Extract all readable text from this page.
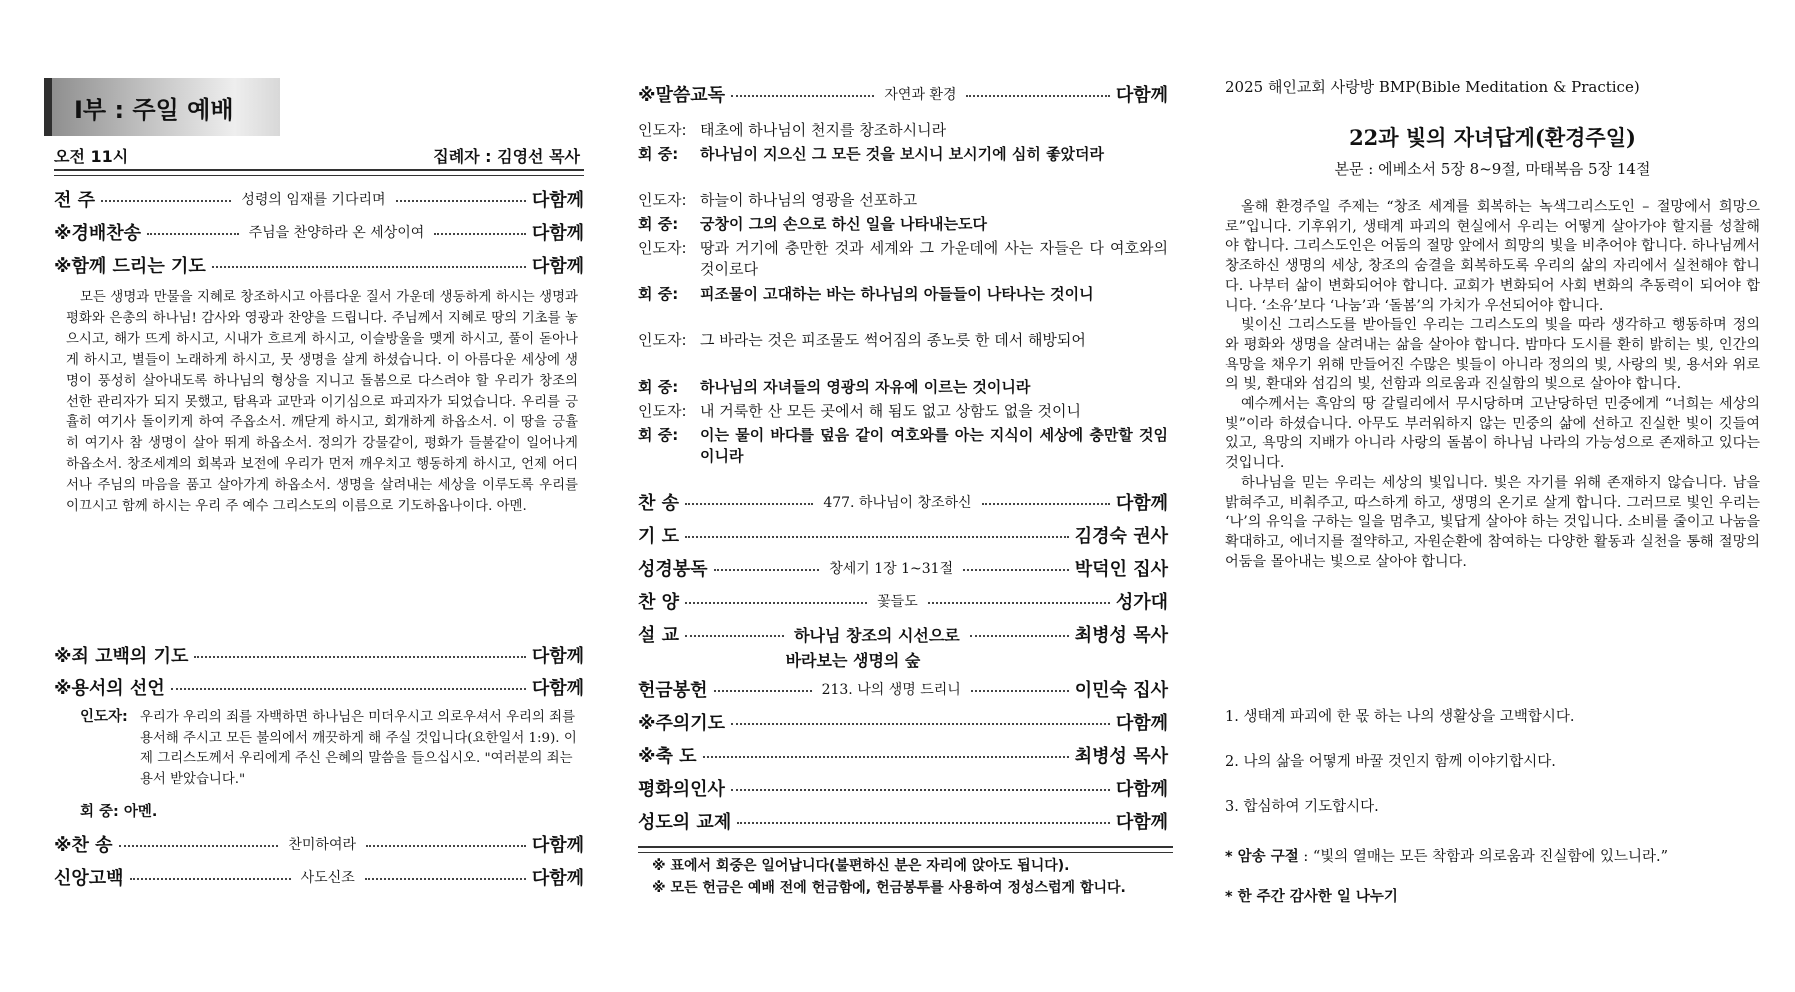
I부 : 주일 예배
오전 11시	집례자 : 김영선 목사
전 주	성령의 임재를 기다리며	다함께
※경배찬송	주님을 찬양하라 온 세상이여	다함께
※함께 드리는 기도	다함께
모든 생명과 만물을 지혜로 창조하시고 아름다운 질서 가운데 생동하게 하시는 생명과 평화와 은총의 하나님! 감사와 영광과 찬양을 드립니다. 주님께서 지혜로 땅의 기초를 놓으시고, 해가 뜨게 하시고, 시내가 흐르게 하시고, 이슬방울을 맺게 하시고, 풀이 돋아나게 하시고, 별들이 노래하게 하시고, 뭇 생명을 살게 하셨습니다. 이 아름다운 세상에 생명이 풍성히 살아내도록 하나님의 형상을 지니고 돌봄으로 다스려야 할 우리가 창조의 선한 관리자가 되지 못했고, 탐욕과 교만과 이기심으로 파괴자가 되었습니다. 우리를 긍휼히 여기사 돌이키게 하여 주옵소서. 깨닫게 하시고, 회개하게 하옵소서. 이 땅을 긍휼히 여기사 참 생명이 살아 뛰게 하옵소서. 정의가 강물같이, 평화가 들불같이 일어나게 하옵소서. 창조세계의 회복과 보전에 우리가 먼저 깨우치고 행동하게 하시고, 언제 어디서나 주님의 마음을 품고 살아가게 하옵소서. 생명을 살려내는 세상을 이루도록 우리를 이끄시고 함께 하시는 우리 주 예수 그리스도의 이름으로 기도하옵나이다. 아멘.
※죄 고백의 기도	다함께
※용서의 선언	다함께
인도자: 우리가 우리의 죄를 자백하면 하나님은 미더우시고 의로우셔서 우리의 죄를 용서해 주시고 모든 불의에서 깨끗하게 해 주실 것입니다(요한일서 1:9). 이제 그리스도께서 우리에게 주신 은혜의 말씀을 들으십시오. "여러분의 죄는 용서 받았습니다."
회 중: 아멘.
※찬 송	찬미하여라	다함께
신앙고백	사도신조	다함께
※말씀교독	자연과 환경	다함께
인도자: 태초에 하나님이 천지를 창조하시니라
회 중: 하나님이 지으신 그 모든 것을 보시니 보시기에 심히 좋았더라
인도자: 하늘이 하나님의 영광을 선포하고
회 중: 궁창이 그의 손으로 하신 일을 나타내는도다
인도자: 땅과 거기에 충만한 것과 세계와 그 가운데에 사는 자들은 다 여호와의 것이로다
회 중: 피조물이 고대하는 바는 하나님의 아들들이 나타나는 것이니
인도자: 그 바라는 것은 피조물도 썩어짐의 종노릇 한 데서 해방되어
회 중: 하나님의 자녀들의 영광의 자유에 이르는 것이니라
인도자: 내 거룩한 산 모든 곳에서 해 됨도 없고 상함도 없을 것이니
회 중: 이는 물이 바다를 덮음 같이 여호와를 아는 지식이 세상에 충만할 것임이니라
찬 송	477. 하나님이 창조하신	다함께
기 도	김경숙 권사
성경봉독	창세기 1장 1~31절	박덕인 집사
찬 양	꽃들도	성가대
설 교	하나님 창조의 시선으로	최병성 목사
바라보는 생명의 숲
헌금봉헌	213. 나의 생명 드리니	이민숙 집사
※주의기도	다함께
※축 도	최병성 목사
평화의인사	다함께
성도의 교제	다함께
※ 표에서 회중은 일어납니다(불편하신 분은 자리에 앉아도 됩니다).
※ 모든 헌금은 예배 전에 헌금함에, 헌금봉투를 사용하여 정성스럽게 합니다.
2025 해인교회 사랑방 BMP(Bible Meditation & Practice)
22과 빛의 자녀답게(환경주일)
본문 : 에베소서 5장 8~9절, 마태복음 5장 14절

올해 환경주일 주제는 “창조 세계를 회복하는 녹색그리스도인 – 절망에서 희망으로”입니다. 기후위기, 생태계 파괴의 현실에서 우리는 어떻게 살아가야 할지를 성찰해야 합니다. 그리스도인은 어둠의 절망 앞에서 희망의 빛을 비추어야 합니다. 하나님께서 창조하신 생명의 세상, 창조의 숨결을 회복하도록 우리의 삶의 자리에서 실천해야 합니다. 나부터 삶이 변화되어야 합니다. 교회가 변화되어 사회 변화의 추동력이 되어야 합니다. ‘소유’보다 ‘나눔’과 ‘돌봄’의 가치가 우선되어야 합니다.

빛이신 그리스도를 받아들인 우리는 그리스도의 빛을 따라 생각하고 행동하며 정의와 평화와 생명을 살려내는 삶을 살아야 합니다. 밤마다 도시를 환히 밝히는 빛, 인간의 욕망을 채우기 위해 만들어진 수많은 빛들이 아니라 정의의 빛, 사랑의 빛, 용서와 위로의 빛, 환대와 섬김의 빛, 선함과 의로움과 진실함의 빛으로 살아야 합니다.

예수께서는 흑암의 땅 갈릴리에서 무시당하며 고난당하던 민중에게 “너희는 세상의 빛”이라 하셨습니다. 아무도 부러워하지 않는 민중의 삶에 선하고 진실한 빛이 깃들여 있고, 욕망의 지배가 아니라 사랑의 돌봄이 하나님 나라의 가능성으로 존재하고 있다는 것입니다.

하나님을 믿는 우리는 세상의 빛입니다. 빛은 자기를 위해 존재하지 않습니다. 남을 밝혀주고, 비춰주고, 따스하게 하고, 생명의 온기로 살게 합니다. 그러므로 빛인 우리는 ‘나’의 유익을 구하는 일을 멈추고, 빛답게 살아야 하는 것입니다. 소비를 줄이고 나눔을 확대하고, 에너지를 절약하고, 자원순환에 참여하는 다양한 활동과 실천을 통해 절망의 어둠을 몰아내는 빛으로 살아야 합니다.

1. 생태계 파괴에 한 몫 하는 나의 생활상을 고백합시다.
2. 나의 삶을 어떻게 바꿀 것인지 함께 이야기합시다.
3. 합심하여 기도합시다.
* 암송 구절 : “빛의 열매는 모든 착함과 의로움과 진실함에 있느니라.”
* 한 주간 감사한 일 나누기
